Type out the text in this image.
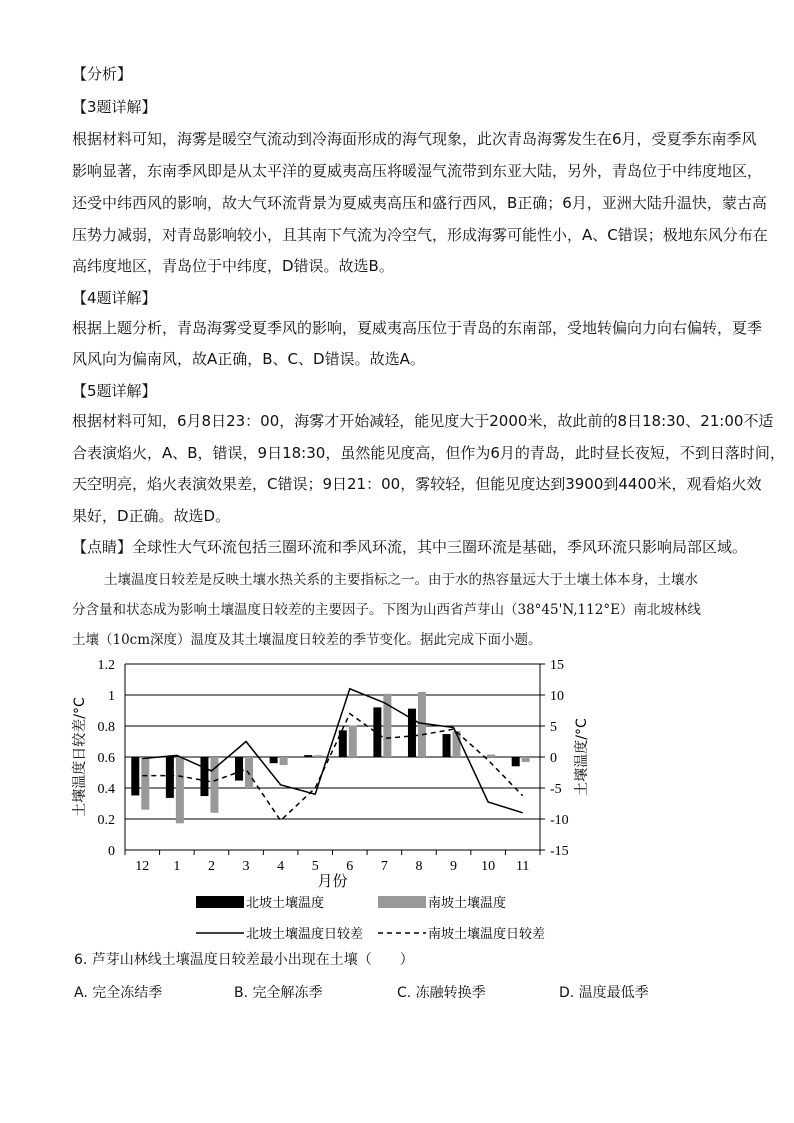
【分析】
【3题详解】
根据材料可知，海雾是暖空气流动到冷海面形成的海气现象，此次青岛海雾发生在6月，受夏季东南季风
影响显著，东南季风即是从太平洋的夏威夷高压将暖湿气流带到东亚大陆，另外，青岛位于中纬度地区，
还受中纬西风的影响，故大气环流背景为夏威夷高压和盛行西风，B正确；6月，亚洲大陆升温快，蒙古高
压势力减弱，对青岛影响较小，且其南下气流为冷空气，形成海雾可能性小，A、C错误；极地东风分布在
高纬度地区，青岛位于中纬度，D错误。故选B。
【4题详解】
根据上题分析，青岛海雾受夏季风的影响，夏威夷高压位于青岛的东南部，受地转偏向力向右偏转，夏季
风风向为偏南风，故A正确，B、C、D错误。故选A。
【5题详解】
根据材料可知，6月8日23：00，海雾才开始减轻，能见度大于2000米，故此前的8日18:30、21:00不适
合表演焰火，A、B，错误，9日18:30，虽然能见度高，但作为6月的青岛，此时昼长夜短，不到日落时间，
天空明亮，焰火表演效果差，C错误；9日21：00，雾较轻，但能见度达到3900到4400米，观看焰火效
果好，D正确。故选D。
【点睛】全球性大气环流包括三圈环流和季风环流，其中三圈环流是基础，季风环流只影响局部区域。
土壤温度日较差是反映土壤水热关系的主要指标之一。由于水的热容量远大于土壤土体本身，土壤水
分含量和状态成为影响土壤温度日较差的主要因子。下图为山西省芦芽山（38°45'N,112°E）南北坡林线
土壤（10cm深度）温度及其土壤温度日较差的季节变化。据此完成下面小题。
0
0.2
0.4
0.6
0.8
1
1.2
-15
-10
-5
0
5
10
15
12 1 2 3 4 5 6 7 8 9 10 11
月份
土壤温度日较差/°C	土壤温度/°C
北坡土壤温度	南坡土壤温度
北坡土壤温度日较差	南坡土壤温度日较差
6. 芦芽山林线土壤温度日较差最小出现在土壤（　　）
A. 完全冻结季	B. 完全解冻季	C. 冻融转换季	D. 温度最低季
